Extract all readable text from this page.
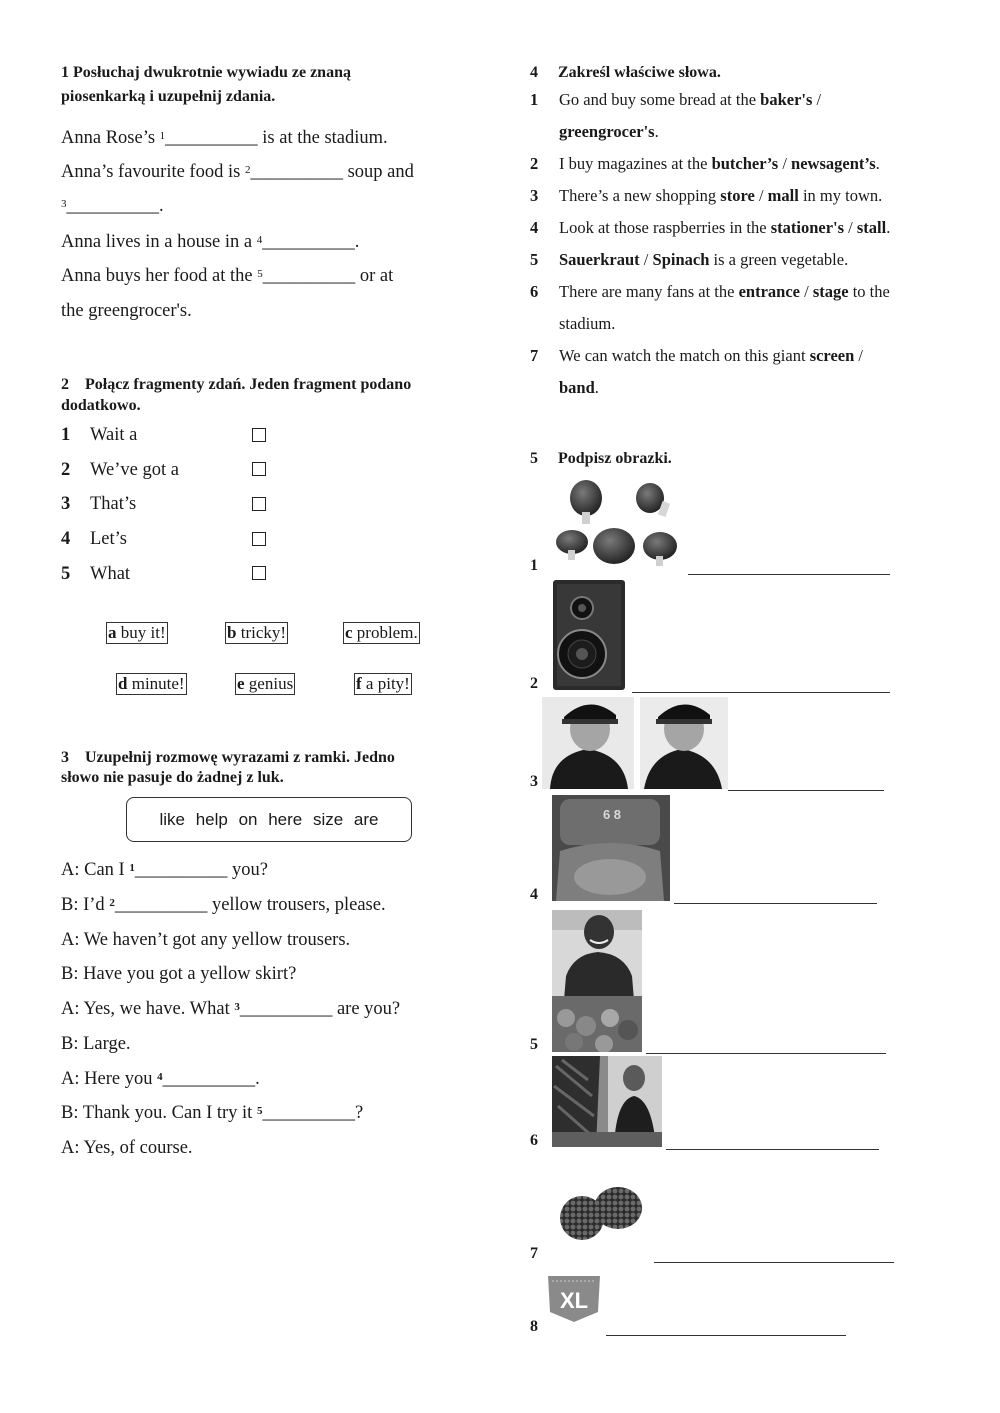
1 Posłuchaj dwukrotnie wywiadu ze znaną
piosenkarką i uzupełnij zdania.
Anna Rose’s $^1$__________ is at the stadium.
Anna’s favourite food is $^2$__________ soup and
$^3$__________.
Anna lives in a house in a $^4$__________.
Anna buys her food at the $^5$__________ or at
the greengrocer's.
2 Połącz fragmenty zdań. Jeden fragment podano
dodatkowo.
1 Wait a
2 We’ve got a
3 That’s
4 Let’s
5 What
a buy it!	b tricky!	c problem.
d minute!	e genius	f a pity!
3 Uzupełnij rozmowę wyrazami z ramki. Jedno
słowo nie pasuje do żadnej z luk.
like help on here size are
A: Can I $^1$__________ you?
B: I’d $^2$__________ yellow trousers, please.
A: We haven’t got any yellow trousers.
B: Have you got a yellow skirt?
A: Yes, we have. What $^3$__________ are you?
B: Large.
A: Here you $^4$__________.
B: Thank you. Can I try it $^5$__________?
A: Yes, of course.
4 Zakreśl właściwe słowa.
1 Go and buy some bread at the baker's /
greengrocer's.
2 I buy magazines at the butcher’s / newsagent’s.
3 There’s a new shopping store / mall in my town.
4 Look at those raspberries in the stationer's / stall.
5 Sauerkraut / Spinach is a green vegetable.
6 There are many fans at the entrance / stage to the
stadium.
7 We can watch the match on this giant screen /
band.
5 Podpisz obrazki.
1
2
3
6 8
4
5
6
7
XL
8
